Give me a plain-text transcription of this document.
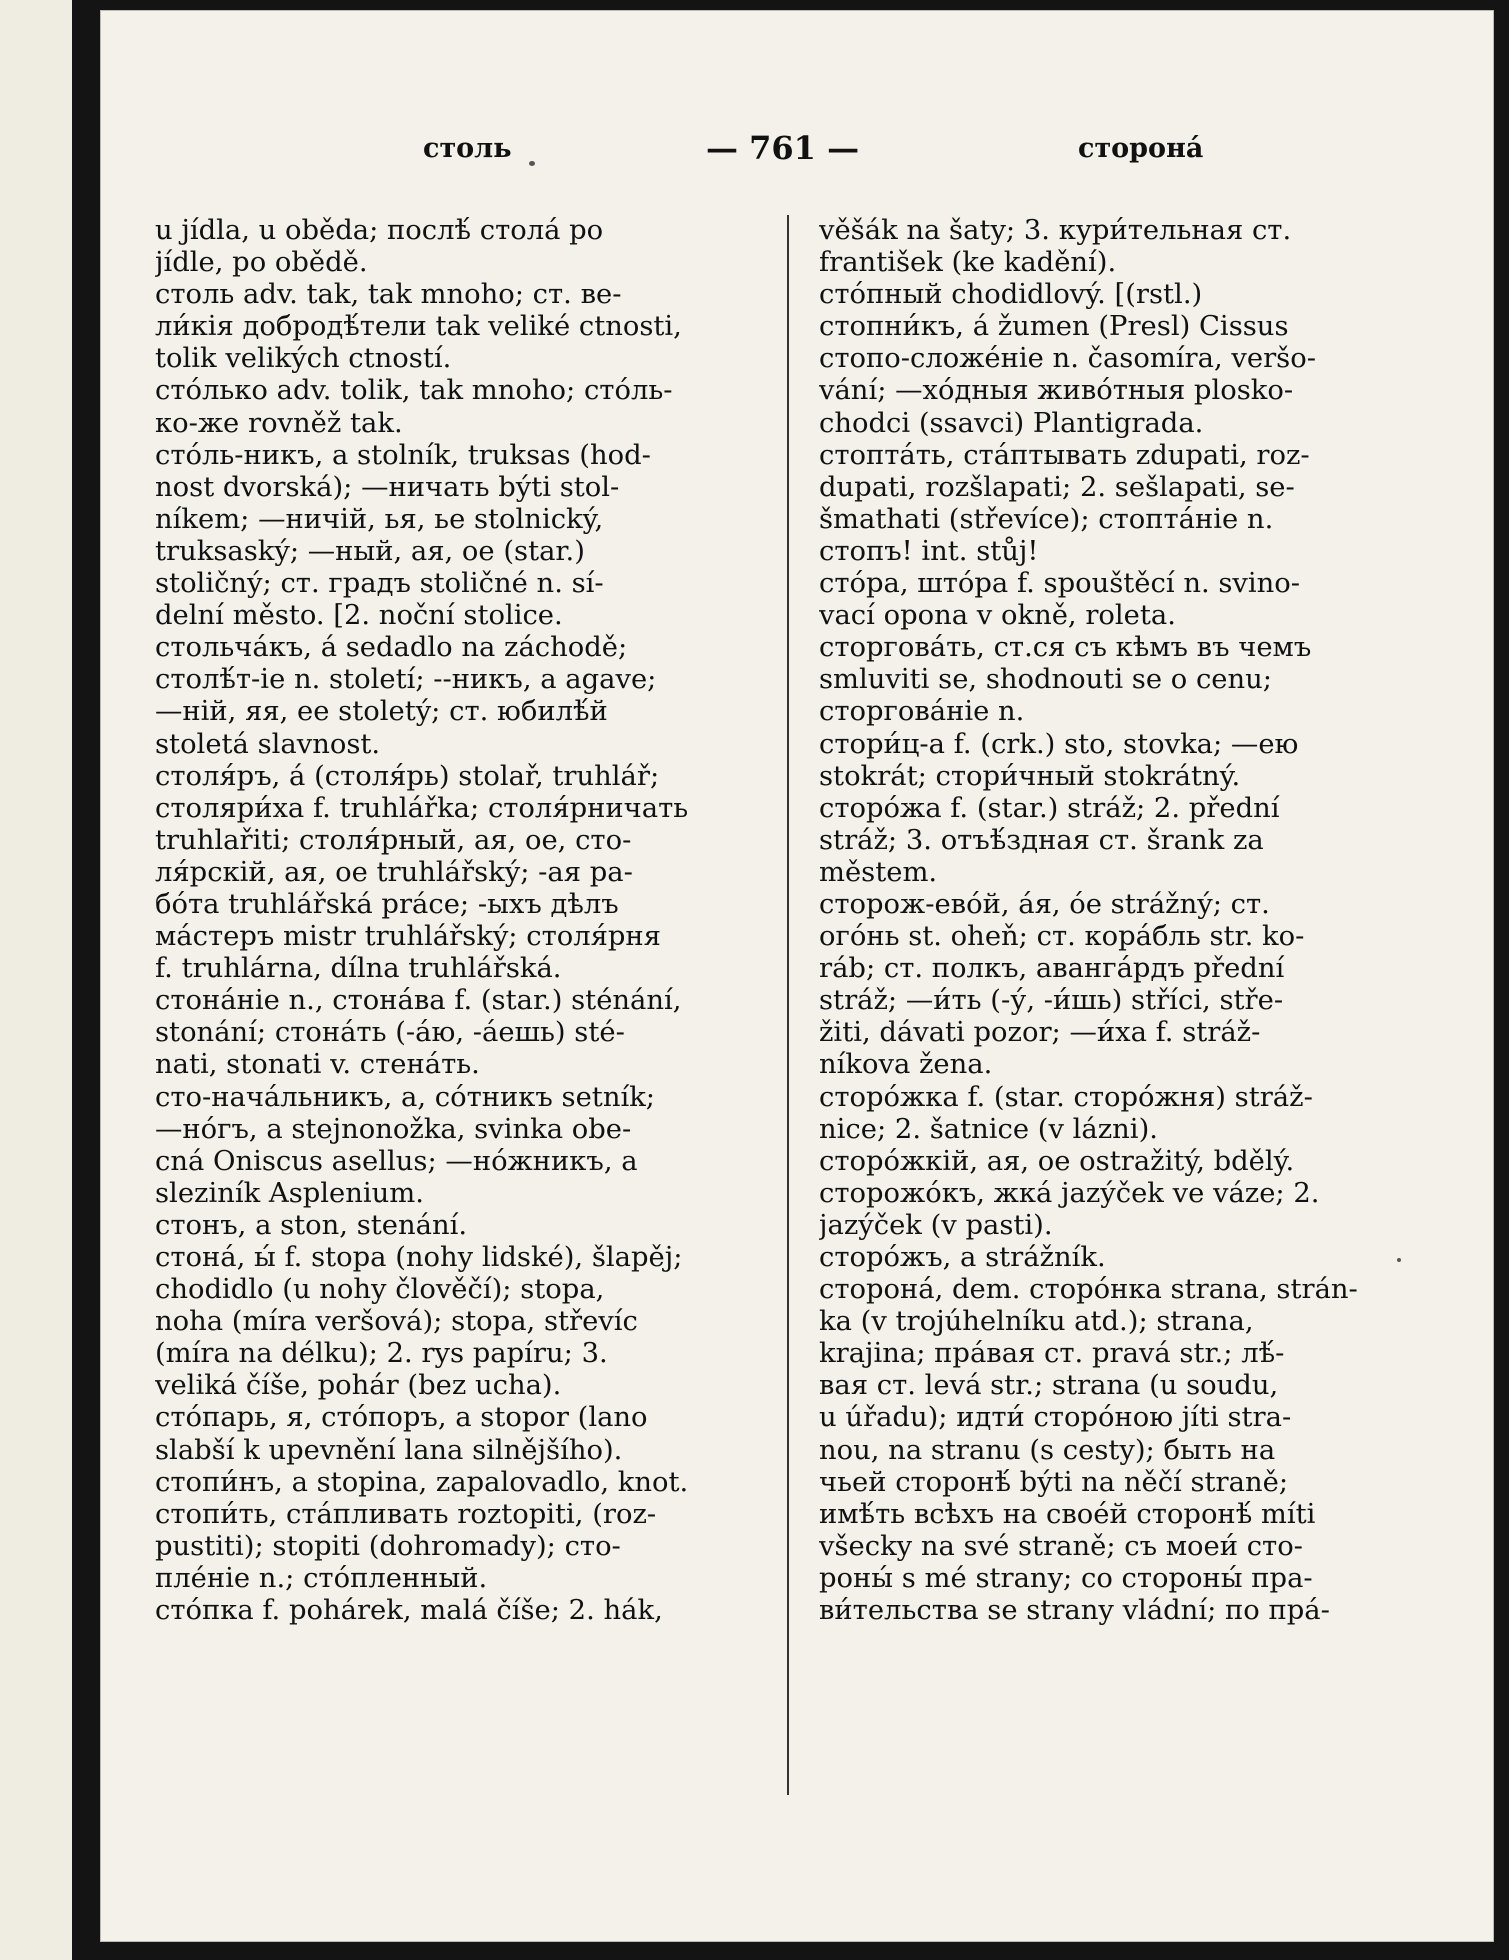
столь	— 761 —	сторона́
u jídla, u oběda; послѣ́ стола́ po
jídle, po obědě.
столь adv. tak, tak mnoho; ст. ве-
ли́кія добродѣ́тели tak veliké ctnosti,
tolik velikých ctností.
сто́лько adv. tolik, tak mnoho; сто́ль-
ко-же rovněž tak.
сто́ль-никъ, a stolník, truksas (hod-
nost dvorská); —ничать býti stol-
níkem; —ничій, ья, ье stolnický,
truksaský; —ный, ая, ое (star.)
stoličný; ст. градъ stoličné n. sí-
delní město. [2. noční stolice.
стольча́къ, á sedadlo na záchodě;
столѣ́т-ie n. století; --никъ, a agave;
—ній, яя, ее stoletý; ст. юбилѣ́й
stoletá slavnost.
столя́ръ, á (столя́рь) stolař, truhlář;
столяри́ха f. truhlářka; столя́рничать
truhlařiti; столя́рный, ая, ое, сто-
ля́рскій, ая, ое truhlářský; -ая ра-
бо́та truhlářská práce; -ыхъ дѣлъ
ма́стеръ mistr truhlářský; столя́рня
f. truhlárna, dílna truhlářská.
стона́ніе n., стона́ва f. (star.) sténání,
stonání; стона́ть (-а́ю, -а́ешь) sté-
nati, stonati v. стена́ть.
сто-нача́льникъ, a, со́тникъ setník;
—но́гъ, a stejnonožka, svinka obe-
cná Oniscus asellus; —но́жникъ, a
sleziník Asplenium.
стонъ, a ston, stenání.
стона́, ы́ f. stopa (nohy lidské), šlapěj;
chodidlo (u nohy člověčí); stopa,
noha (míra veršová); stopa, střevíc
(míra na délku); 2. rys papíru; 3.
veliká číše, pohár (bez ucha).
сто́парь, я, сто́поръ, a stopor (lano
slabší k upevnění lana silnějšího).
стопи́нъ, a stopina, zapalovadlo, knot.
стопи́ть, ста́пливать roztopiti, (roz-
pustiti); stopiti (dohromady); сто-
плéніе n.; сто́пленный.
сто́пка f. pohárek, malá číše; 2. hák,
věšák na šaty; 3. кури́тельная ст.
františek (ke kadění).
сто́пный chodidlový. [(rstl.)
стопни́къ, á žumen (Presl) Cissus
стопо-сложе́ніе n. časomíra, veršo-
vání; —хо́дныя живо́тныя plosko-
chodci (ssavci) Plantigrada.
стопта́ть, ста́птывать zdupati, roz-
dupati, rozšlapati; 2. sešlapati, se-
šmathati (střevíce); стопта́ніе n.
стопъ! int. stůj!
сто́ра, што́ра f. spouštěcí n. svino-
vací opona v okně, roleta.
сторгова́ть, ст.ся съ кѣмъ въ чемъ
smluviti se, shodnouti se o cenu;
сторгова́ніе n.
стори́ц-а f. (crk.) sto, stovka; —ею
stokrát; стори́чный stokrátný.
сторо́жа f. (star.) stráž; 2. přední
stráž; 3. отъѣ́здная ст. šrank za
městem.
сторож-ево́й, а́я, о́е strážný; ст.
ого́нь st. oheň; ст. кора́бль str. ko-
ráb; ст. полкъ, аванга́рдъ přední
stráž; —и́ть (-у́, -и́шь) stříci, stře-
žiti, dávati pozor; —и́ха f. stráž-
níkova žena.
сторо́жка f. (star. сторо́жня) stráž-
nice; 2. šatnice (v lázni).
сторо́жкій, ая, ое ostražitý, bdělý.
сторожо́къ, жка́ jazýček ve váze; 2.
jazýček (v pasti).
сторо́жъ, a strážník.
сторона́, dem. сторо́нка strana, strán-
ka (v trojúhelníku atd.); strana,
krajina; пра́вая ст. pravá str.; лѣ́-
вая ст. levá str.; strana (u soudu,
u úřadu); идти́ сторо́ною jíti stra-
nou, na stranu (s cesty); быть на
чьей сторонѣ́ býti na něčí straně;
имѣ́ть всѣхъ на свое́й сторонѣ́ míti
všecky na své straně; съ моеи́ сто-
роны́ s mé strany; со стороны́ пра-
ви́тельства se strany vládní; по пра́-
